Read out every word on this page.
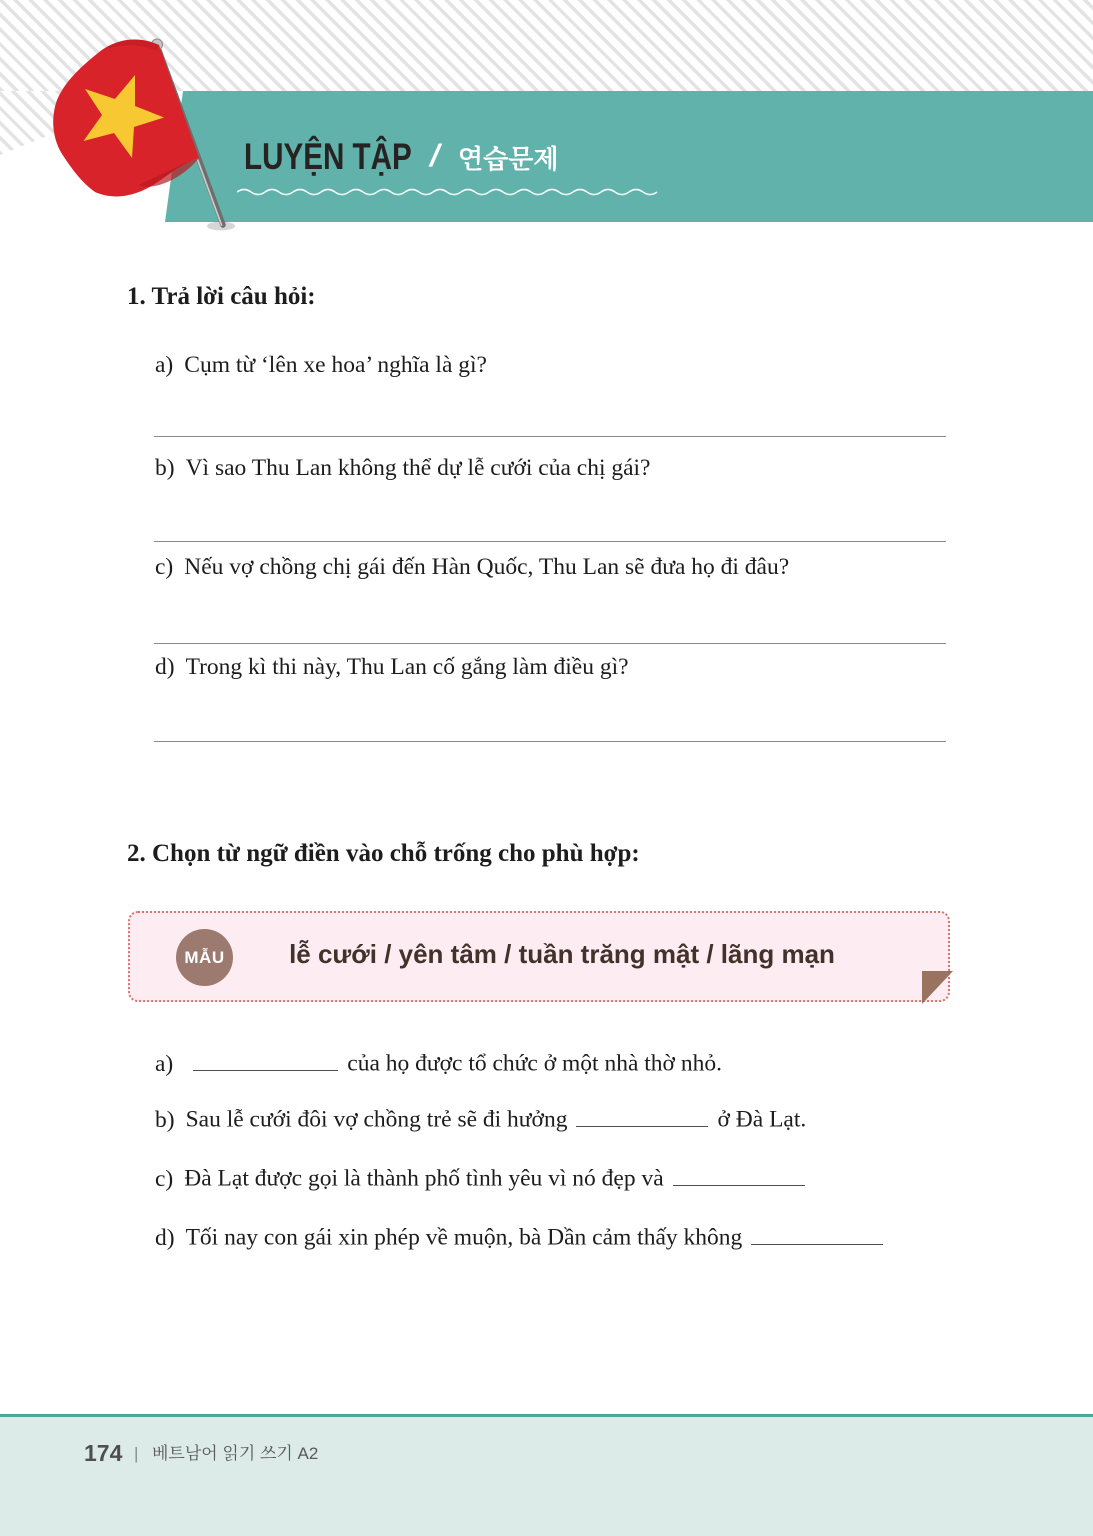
LUYỆN TẬP / 연습문제
1. Trả lời câu hỏi:
a) Cụm từ ‘lên xe hoa’ nghĩa là gì?
b) Vì sao Thu Lan không thể dự lễ cưới của chị gái?
c) Nếu vợ chồng chị gái đến Hàn Quốc, Thu Lan sẽ đưa họ đi đâu?
d) Trong kì thi này, Thu Lan cố gắng làm điều gì?
2. Chọn từ ngữ điền vào chỗ trống cho phù hợp:
MẪU	lễ cưới / yên tâm / tuần trăng mật / lãng mạn
a)	của họ được tổ chức ở một nhà thờ nhỏ.
b) Sau lễ cưới đôi vợ chồng trẻ sẽ đi hưởng	ở Đà Lạt.
c) Đà Lạt được gọi là thành phố tình yêu vì nó đẹp và
d) Tối nay con gái xin phép về muộn, bà Dần cảm thấy không
174 | 베트남어 읽기 쓰기 A2
